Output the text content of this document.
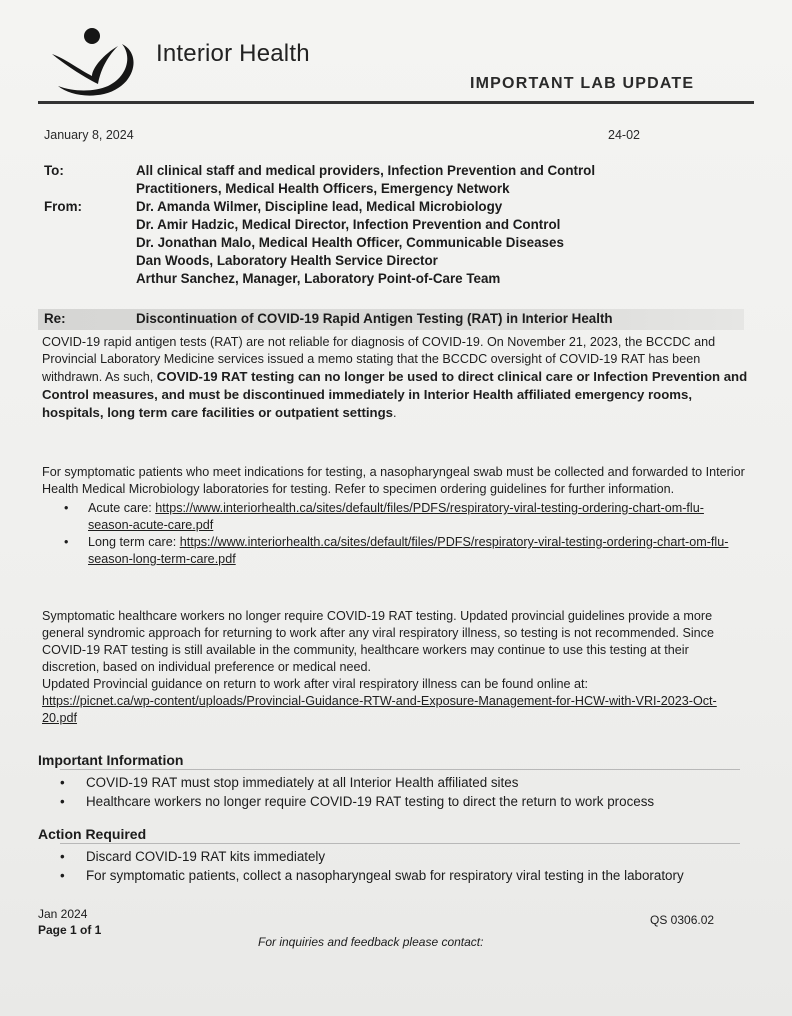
Interior Health
IMPORTANT LAB UPDATE
January 8, 2024	24-02
To:	All clinical staff and medical providers, Infection Prevention and Control
Practitioners, Medical Health Officers, Emergency Network
From:	Dr. Amanda Wilmer, Discipline lead, Medical Microbiology
Dr. Amir Hadzic, Medical Director, Infection Prevention and Control
Dr. Jonathan Malo, Medical Health Officer, Communicable Diseases
Dan Woods, Laboratory Health Service Director
Arthur Sanchez, Manager, Laboratory Point-of-Care Team
Re:	Discontinuation of COVID-19 Rapid Antigen Testing (RAT) in Interior Health
COVID-19 rapid antigen tests (RAT) are not reliable for diagnosis of COVID-19. On November 21, 2023, the BCCDC and Provincial Laboratory Medicine services issued a memo stating that the BCCDC oversight of COVID-19 RAT has been withdrawn. As such, COVID-19 RAT testing can no longer be used to direct clinical care or Infection Prevention and Control measures, and must be discontinued immediately in Interior Health affiliated emergency rooms, hospitals, long term care facilities or outpatient settings.
For symptomatic patients who meet indications for testing, a nasopharyngeal swab must be collected and forwarded to Interior Health Medical Microbiology laboratories for testing. Refer to specimen ordering guidelines for further information.
• Acute care: https://www.interiorhealth.ca/sites/default/files/PDFS/respiratory-viral-testing-ordering-chart-om-flu-season-acute-care.pdf
• Long term care: https://www.interiorhealth.ca/sites/default/files/PDFS/respiratory-viral-testing-ordering-chart-om-flu-season-long-term-care.pdf
Symptomatic healthcare workers no longer require COVID-19 RAT testing. Updated provincial guidelines provide a more general syndromic approach for returning to work after any viral respiratory illness, so testing is not recommended. Since COVID-19 RAT testing is still available in the community, healthcare workers may continue to use this testing at their discretion, based on individual preference or medical need.
Updated Provincial guidance on return to work after viral respiratory illness can be found online at:
https://picnet.ca/wp-content/uploads/Provincial-Guidance-RTW-and-Exposure-Management-for-HCW-with-VRI-2023-Oct-20.pdf
Important Information
• COVID-19 RAT must stop immediately at all Interior Health affiliated sites
• Healthcare workers no longer require COVID-19 RAT testing to direct the return to work process
Action Required
• Discard COVID-19 RAT kits immediately
• For symptomatic patients, collect a nasopharyngeal swab for respiratory viral testing in the laboratory
Jan 2024
Page 1 of 1
QS 0306.02
For inquiries and feedback please contact:
